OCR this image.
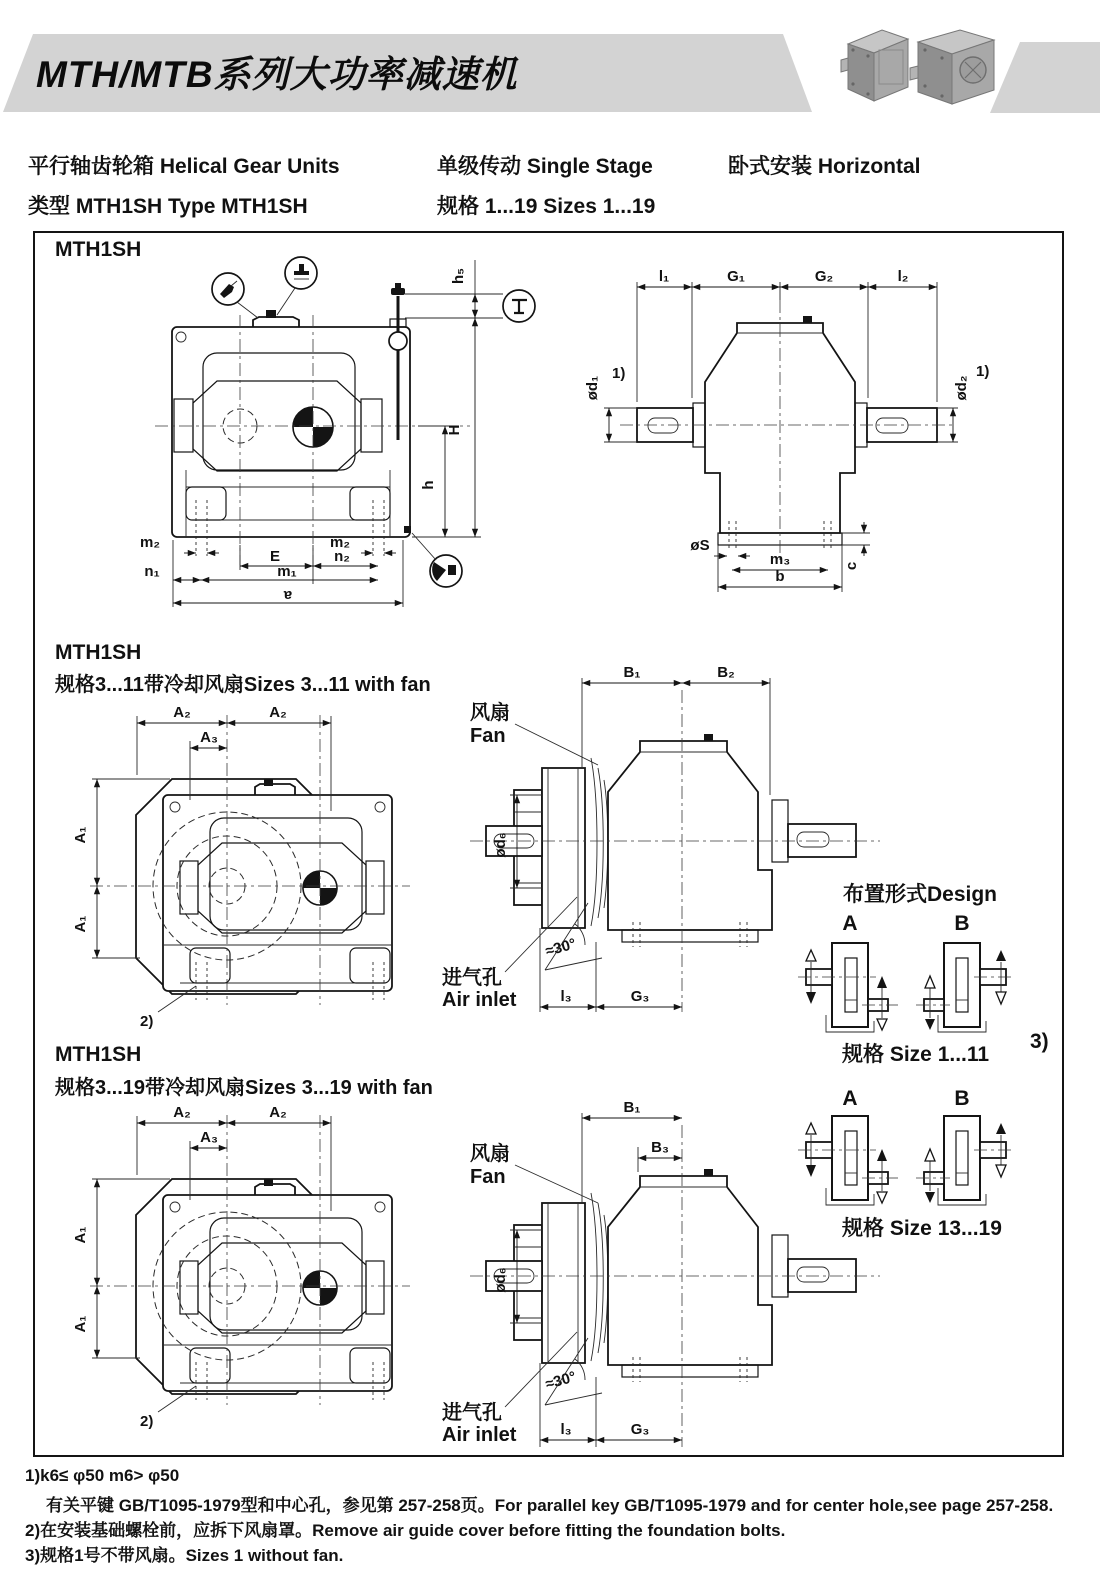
MTH/MTB系列大功率减速机
平行轴齿轮箱 Helical Gear Units	单级传动 Single Stage	卧式安装 Horizontal
类型 MTH1SH Type MTH1SH	规格 1...19 Sizes 1...19
MTH1SH
MTH1SH
规格3...11带冷却风扇Sizes 3...11 with fan
MTH1SH
规格3...19带冷却风扇Sizes 3...19 with fan
h₅
H
h
m₂	m₂
E	n₂
n₁	m₁
a
l₁	G₁	G₂	l₂
ød₁
1)
ød₂
1)
øS
m₃
b
c
A₂	A₂
A₃
A₁
A₁
2)
B₁	B₂
ød₆
风扇
Fan
≈30°
进气孔
Air inlet	l₃	G₃
布置形式Design
A	B
规格 Size 1...11
3)
A	B
规格 Size 13...19
A₂	A₂
A₃
A₁
A₁
2)
B₁
B₃
ød₆
风扇
Fan
≈30°
进气孔
Air inlet	l₃	G₃
1)k6≤ φ50 m6> φ50
有关平键 GB/T1095-1979型和中心孔，参见第 257-258页。For parallel key GB/T1095-1979 and for center hole,see page 257-258.
2)在安装基础螺栓前，应拆下风扇罩。Remove air guide cover before fitting the foundation bolts.
3)规格1号不带风扇。Sizes 1 without fan.
